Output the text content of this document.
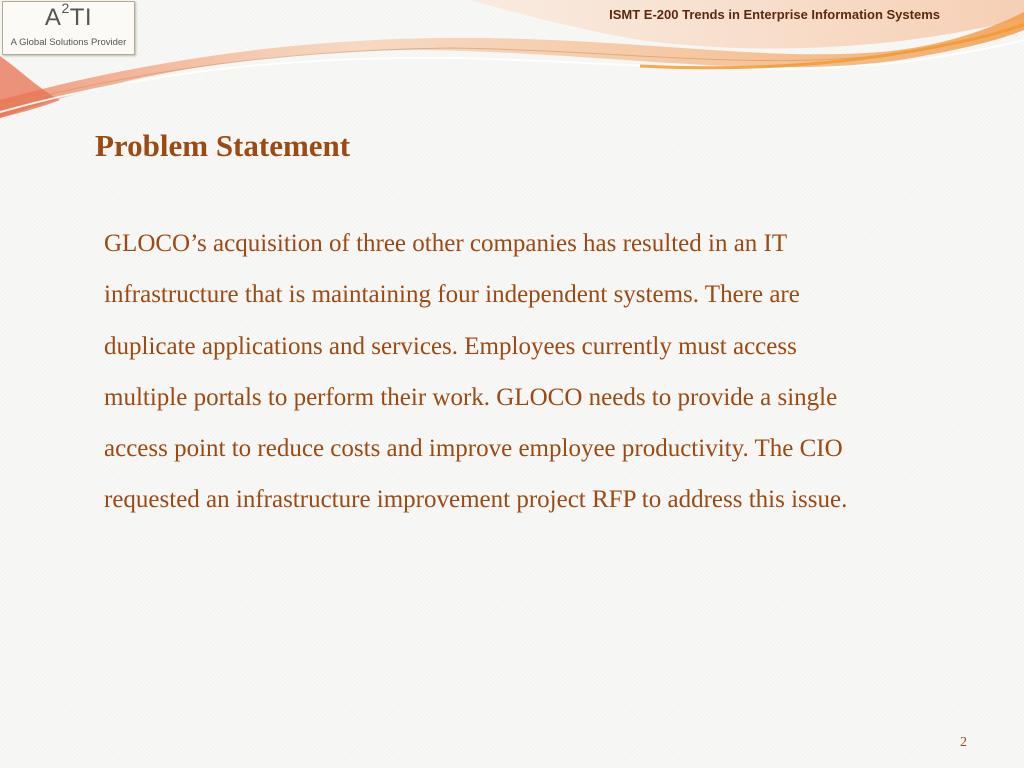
$A^2TI$
A Global Solutions Provider
ISMT E-200 Trends in Enterprise Information Systems
Problem Statement

GLOCO’s acquisition of three other companies has resulted in an IT infrastructure that is maintaining four independent systems. There are duplicate applications and services. Employees currently must access multiple portals to perform their work. GLOCO needs to provide a single access point to reduce costs and improve employee productivity. The CIO requested an infrastructure improvement project RFP to address this issue.

2
